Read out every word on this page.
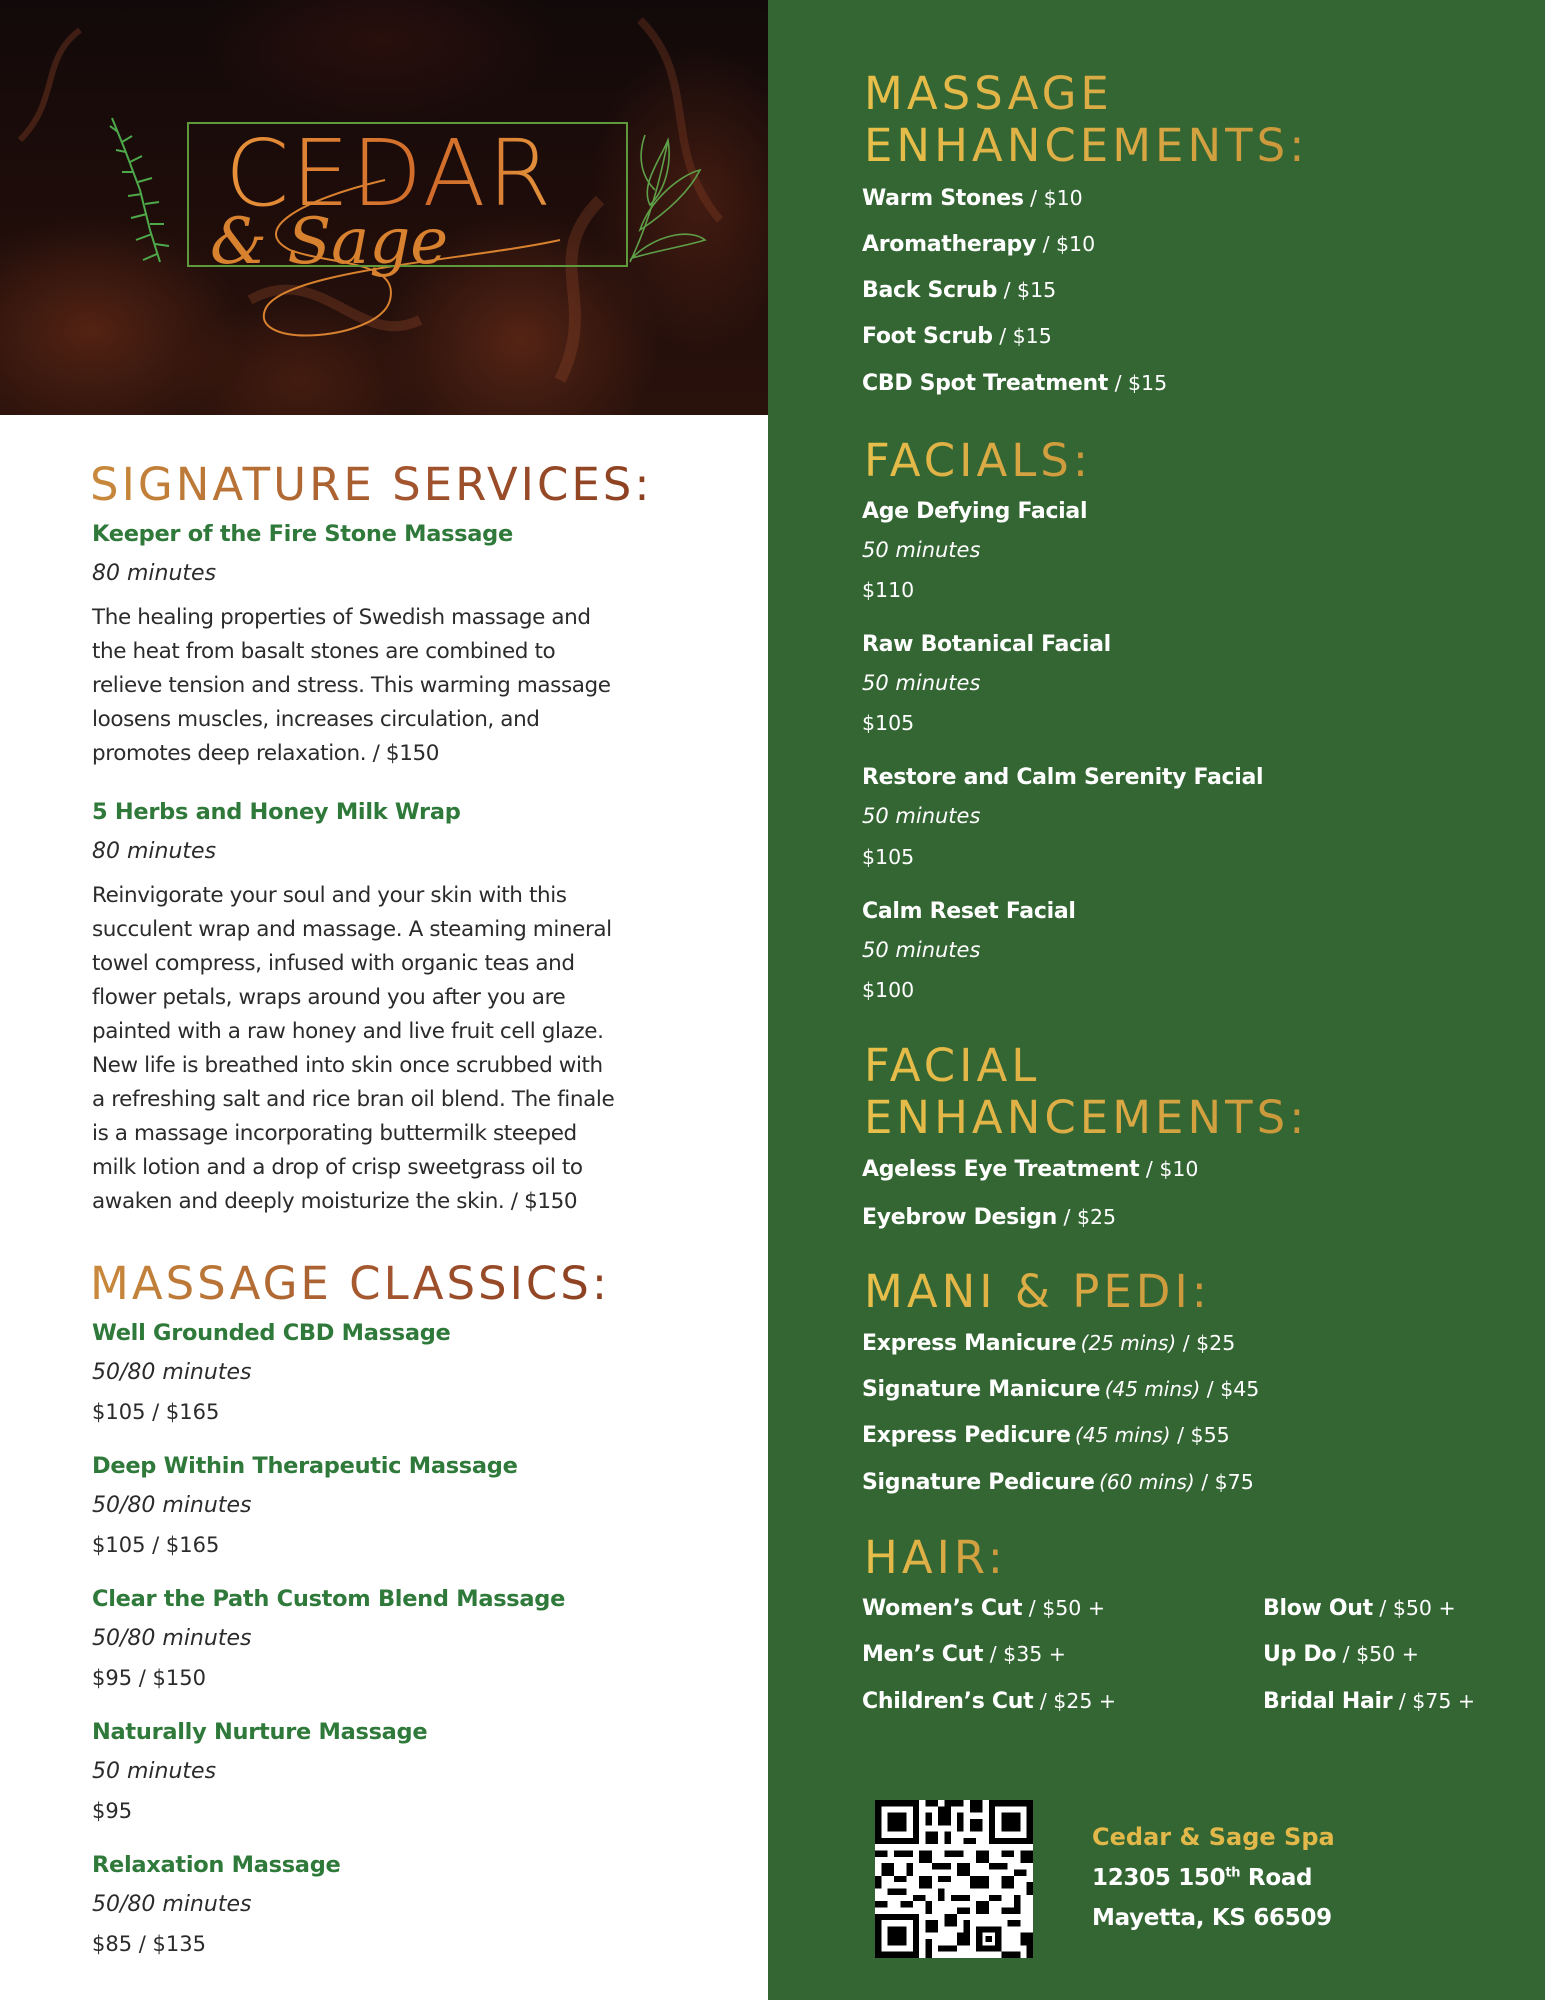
CEDAR
& Sage
SIGNATURE SERVICES:
Keeper of the Fire Stone Massage
80 minutes
The healing properties of Swedish massage and
the heat from basalt stones are combined to
relieve tension and stress. This warming massage
loosens muscles, increases circulation, and
promotes deep relaxation. / $150
5 Herbs and Honey Milk Wrap
80 minutes
Reinvigorate your soul and your skin with this
succulent wrap and massage. A steaming mineral
towel compress, infused with organic teas and
flower petals, wraps around you after you are
painted with a raw honey and live fruit cell glaze.
New life is breathed into skin once scrubbed with
a refreshing salt and rice bran oil blend. The finale
is a massage incorporating buttermilk steeped
milk lotion and a drop of crisp sweetgrass oil to
awaken and deeply moisturize the skin. / $150
MASSAGE CLASSICS:
Well Grounded CBD Massage
50/80 minutes
$105 / $165
Deep Within Therapeutic Massage
50/80 minutes
$105 / $165
Clear the Path Custom Blend Massage
50/80 minutes
$95 / $150
Naturally Nurture Massage
50 minutes
$95
Relaxation Massage
50/80 minutes
$85 / $135
MASSAGE
ENHANCEMENTS:
Warm Stones / $10
Aromatherapy / $10
Back Scrub / $15
Foot Scrub / $15
CBD Spot Treatment / $15
FACIALS:
Age Defying Facial
50 minutes
$110
Raw Botanical Facial
50 minutes
$105
Restore and Calm Serenity Facial
50 minutes
$105
Calm Reset Facial
50 minutes
$100
FACIAL
ENHANCEMENTS:
Ageless Eye Treatment / $10
Eyebrow Design / $25
MANI & PEDI:
Express Manicure (25 mins) / $25
Signature Manicure (45 mins) / $45
Express Pedicure (45 mins) / $55
Signature Pedicure (60 mins) / $75
HAIR:
Women’s Cut / $50 +
Men’s Cut / $35 +
Children’s Cut / $25 +
Blow Out / $50 +
Up Do / $50 +
Bridal Hair / $75 +
Cedar & Sage Spa
12305 150th Road
Mayetta, KS 66509
